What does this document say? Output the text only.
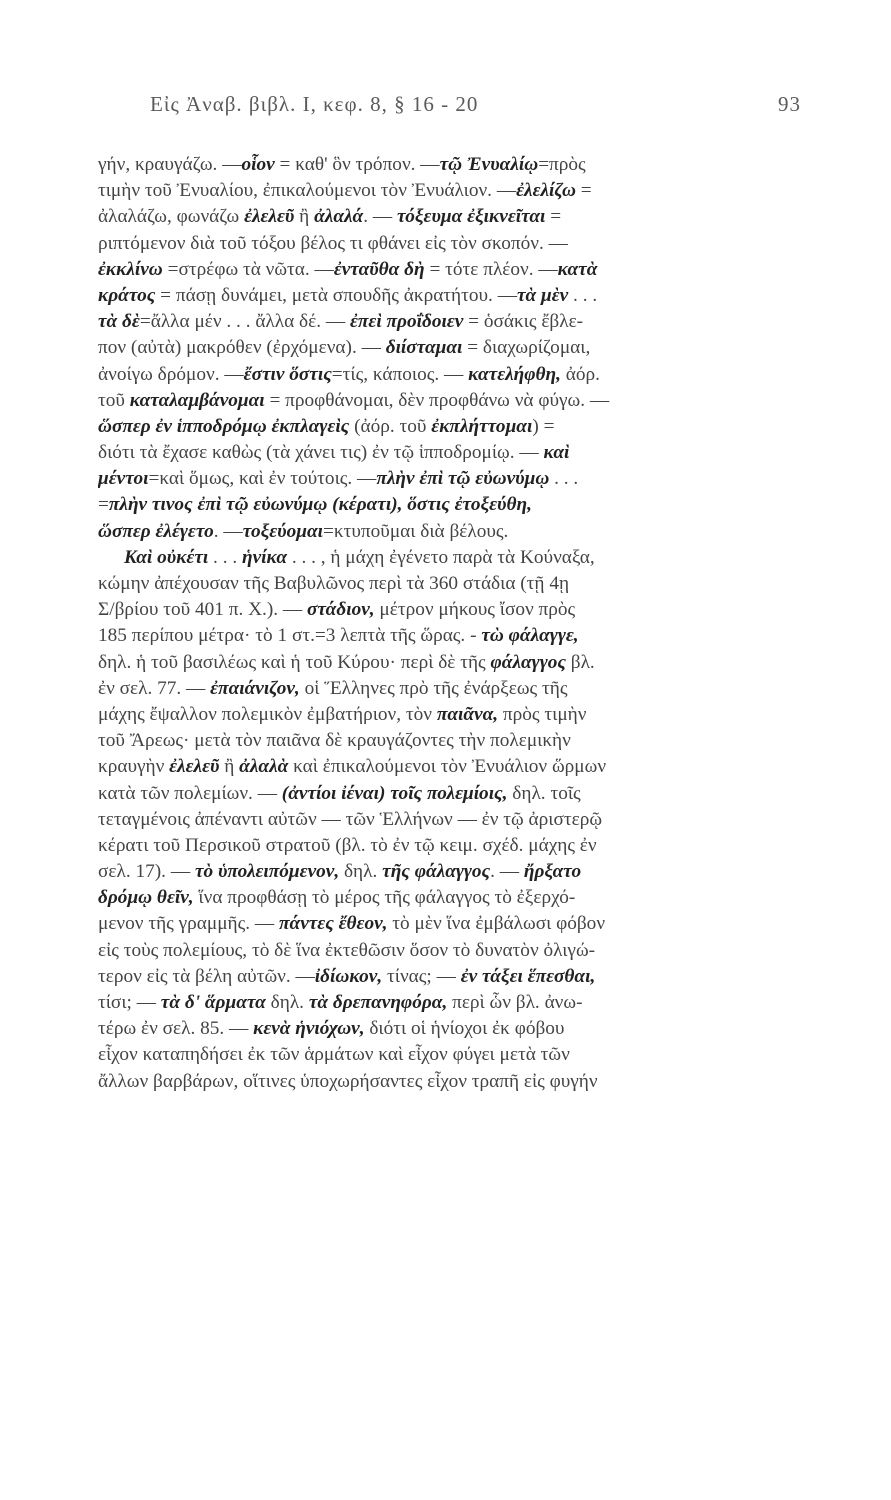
Εἰς Ἀναβ. βιβλ. I, κεφ. 8, § 16 - 20	93
γήν, κραυγάζω. —οἷον = καθ' ὃν τρόπον. —τῷ Ἐνυαλίῳ=πρὸς
τιμὴν τοῦ Ἐνυαλίου, ἐπικαλούμενοι τὸν Ἐνυάλιον. —ἐλελίζω =
ἀλαλάζω, φωνάζω ἐλελεῦ ἢ ἀλαλά. — τόξευμα ἐξικνεῖται =
ριπτόμενον διὰ τοῦ τόξου βέλος τι φθάνει εἰς τὸν σκοπόν. —
ἐκκλίνω =στρέφω τὰ νῶτα. —ἐνταῦθα δὴ = τότε πλέον. —κατὰ
κράτος = πάσῃ δυνάμει, μετὰ σπουδῆς ἀκρατήτου. —τὰ μὲν . . .
τὰ δὲ=ἄλλα μέν . . . ἄλλα δέ. — ἐπεὶ προΐδοιεν = ὁσάκις ἔβλε-
πον (αὐτὰ) μακρόθεν (ἐρχόμενα). — διίσταμαι = διαχωρίζομαι,
ἀνοίγω δρόμον. —ἔστιν ὅστις=τίς, κάποιος. — κατελήφθη, ἀόρ.
τοῦ καταλαμβάνομαι = προφθάνομαι, δὲν προφθάνω νὰ φύγω. —
ὥσπερ ἐν ἱπποδρόμῳ ἐκπλαγεὶς (ἀόρ. τοῦ ἐκπλήττομαι) =
διότι τὰ ἔχασε καθὼς (τὰ χάνει τις) ἐν τῷ ἱπποδρομίῳ. — καὶ
μέντοι=καὶ ὅμως, καὶ ἐν τούτοις. —πλὴν ἐπὶ τῷ εὐωνύμῳ . . .
=πλὴν τινος ἐπὶ τῷ εὐωνύμῳ (κέρατι), ὅστις ἐτοξεύθη,
ὥσπερ ἐλέγετο. —τοξεύομαι=κτυποῦμαι διὰ βέλους.
Καὶ οὐκέτι . . . ἡνίκα . . . , ἡ μάχη ἐγένετο παρὰ τὰ Κούναξα,
κώμην ἀπέχουσαν τῆς Βαβυλῶνος περὶ τὰ 360 στάδια (τῇ 4ῃ
Σ/βρίου τοῦ 401 π. Χ.). — στάδιον, μέτρον μήκους ἴσον πρὸς
185 περίπου μέτρα· τὸ 1 στ.=3 λεπτὰ τῆς ὥρας. - τὼ φάλαγγε,
δηλ. ἡ τοῦ βασιλέως καὶ ἡ τοῦ Κύρου· περὶ δὲ τῆς φάλαγγος βλ.
ἐν σελ. 77. — ἐπαιάνιζον, οἱ Ἕλληνες πρὸ τῆς ἐνάρξεως τῆς
μάχης ἔψαλλον πολεμικὸν ἐμβατήριον, τὸν παιᾶνα, πρὸς τιμὴν
τοῦ Ἄρεως· μετὰ τὸν παιᾶνα δὲ κραυγάζοντες τὴν πολεμικὴν
κραυγὴν ἐλελεῦ ἢ ἀλαλὰ καὶ ἐπικαλούμενοι τὸν Ἐνυάλιον ὥρμων
κατὰ τῶν πολεμίων. — (ἀντίοι ἰέναι) τοῖς πολεμίοις, δηλ. τοῖς
τεταγμένοις ἀπέναντι αὐτῶν — τῶν Ἑλλήνων — ἐν τῷ ἀριστερῷ
κέρατι τοῦ Περσικοῦ στρατοῦ (βλ. τὸ ἐν τῷ κειμ. σχέδ. μάχης ἐν
σελ. 17). — τὸ ὑπολειπόμενον, δηλ. τῆς φάλαγγος. — ἤρξατο
δρόμῳ θεῖν, ἵνα προφθάσῃ τὸ μέρος τῆς φάλαγγος τὸ ἐξερχό-
μενον τῆς γραμμῆς. — πάντες ἔθεον, τὸ μὲν ἵνα ἐμβάλωσι φόβον
εἰς τοὺς πολεμίους, τὸ δὲ ἵνα ἐκτεθῶσιν ὅσον τὸ δυνατὸν ὀλιγώ-
τερον εἰς τὰ βέλη αὐτῶν. —ἰδίωκον, τίνας; — ἐν τάξει ἕπεσθαι,
τίσι; — τὰ δ' ἅρματα δηλ. τὰ δρεπανηφόρα, περὶ ὧν βλ. ἀνω-
τέρω ἐν σελ. 85. — κενὰ ἡνιόχων, διότι οἱ ἡνίοχοι ἐκ φόβου
εἶχον καταπηδήσει ἐκ τῶν ἁρμάτων καὶ εἶχον φύγει μετὰ τῶν
ἄλλων βαρβάρων, οἵτινες ὑποχωρήσαντες εἶχον τραπῆ εἰς φυγήν
